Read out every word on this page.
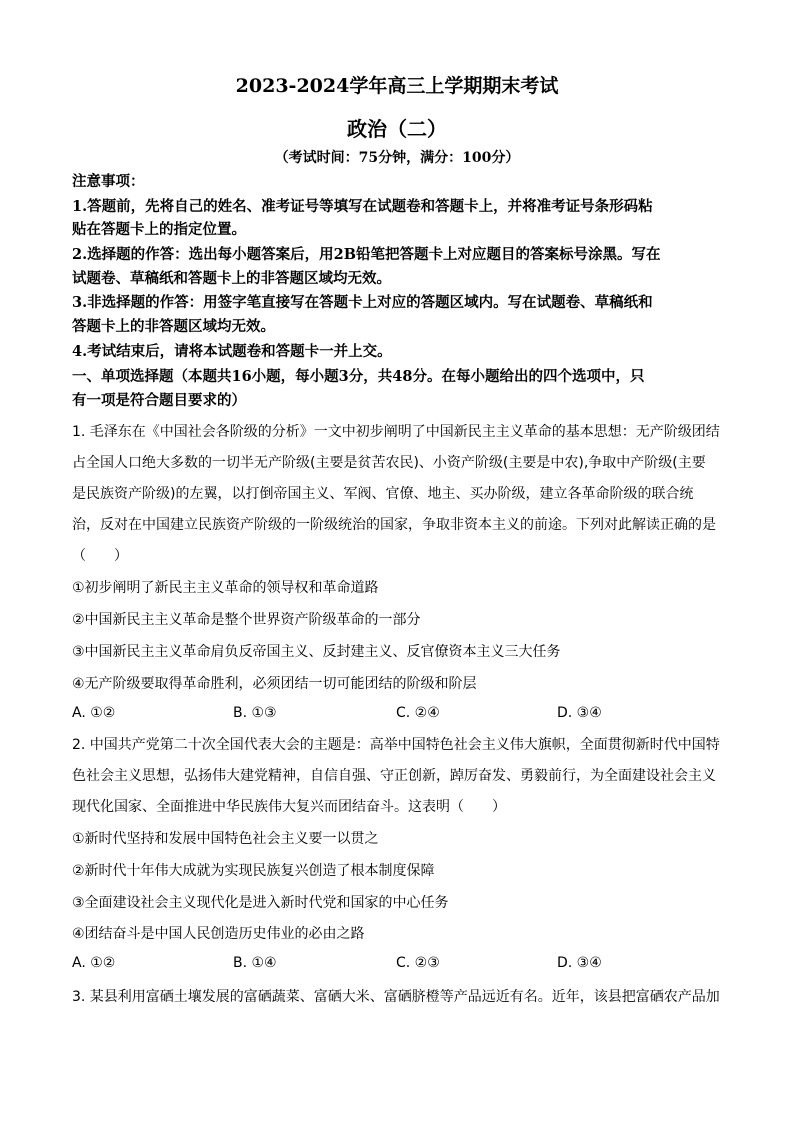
2023-2024学年高三上学期期末考试
政治（二）
（考试时间：75分钟，满分：100分）

注意事项：

1.答题前，先将自己的姓名、准考证号等填写在试题卷和答题卡上，并将准考证号条形码粘

贴在答题卡上的指定位置。

2.选择题的作答：选出每小题答案后，用2B铅笔把答题卡上对应题目的答案标号涂黑。写在

试题卷、草稿纸和答题卡上的非答题区域均无效。

3.非选择题的作答：用签字笔直接写在答题卡上对应的答题区域内。写在试题卷、草稿纸和

答题卡上的非答题区域均无效。

4.考试结束后，请将本试题卷和答题卡一并上交。

一、单项选择题（本题共16小题，每小题3分，共48分。在每小题给出的四个选项中，只

有一项是符合题目要求的）

1. 毛泽东在《中国社会各阶级的分析》一文中初步阐明了中国新民主主义革命的基本思想：无产阶级团结

占全国人口绝大多数的一切半无产阶级(主要是贫苦农民)、小资产阶级(主要是中农),争取中产阶级(主要

是民族资产阶级)的左翼，以打倒帝国主义、军阀、官僚、地主、买办阶级，建立各革命阶级的联合统

治，反对在中国建立民族资产阶级的一阶级统治的国家，争取非资本主义的前途。下列对此解读正确的是

（　　）

①初步阐明了新民主主义革命的领导权和革命道路

②中国新民主主义革命是整个世界资产阶级革命的一部分

③中国新民主主义革命肩负反帝国主义、反封建主义、反官僚资本主义三大任务

④无产阶级要取得革命胜利，必须团结一切可能团结的阶级和阶层

A. ①②	B. ①③	C. ②④	D. ③④

2. 中国共产党第二十次全国代表大会的主题是：高举中国特色社会主义伟大旗帜，全面贯彻新时代中国特

色社会主义思想，弘扬伟大建党精神，自信自强、守正创新，踔厉奋发、勇毅前行，为全面建设社会主义

现代化国家、全面推进中华民族伟大复兴而团结奋斗。这表明（　　）

①新时代坚持和发展中国特色社会主义要一以贯之

②新时代十年伟大成就为实现民族复兴创造了根本制度保障

③全面建设社会主义现代化是进入新时代党和国家的中心任务

④团结奋斗是中国人民创造历史伟业的必由之路

A. ①②	B. ①④	C. ②③	D. ③④

3. 某县利用富硒土壤发展的富硒蔬菜、富硒大米、富硒脐橙等产品远近有名。近年，该县把富硒农产品加
